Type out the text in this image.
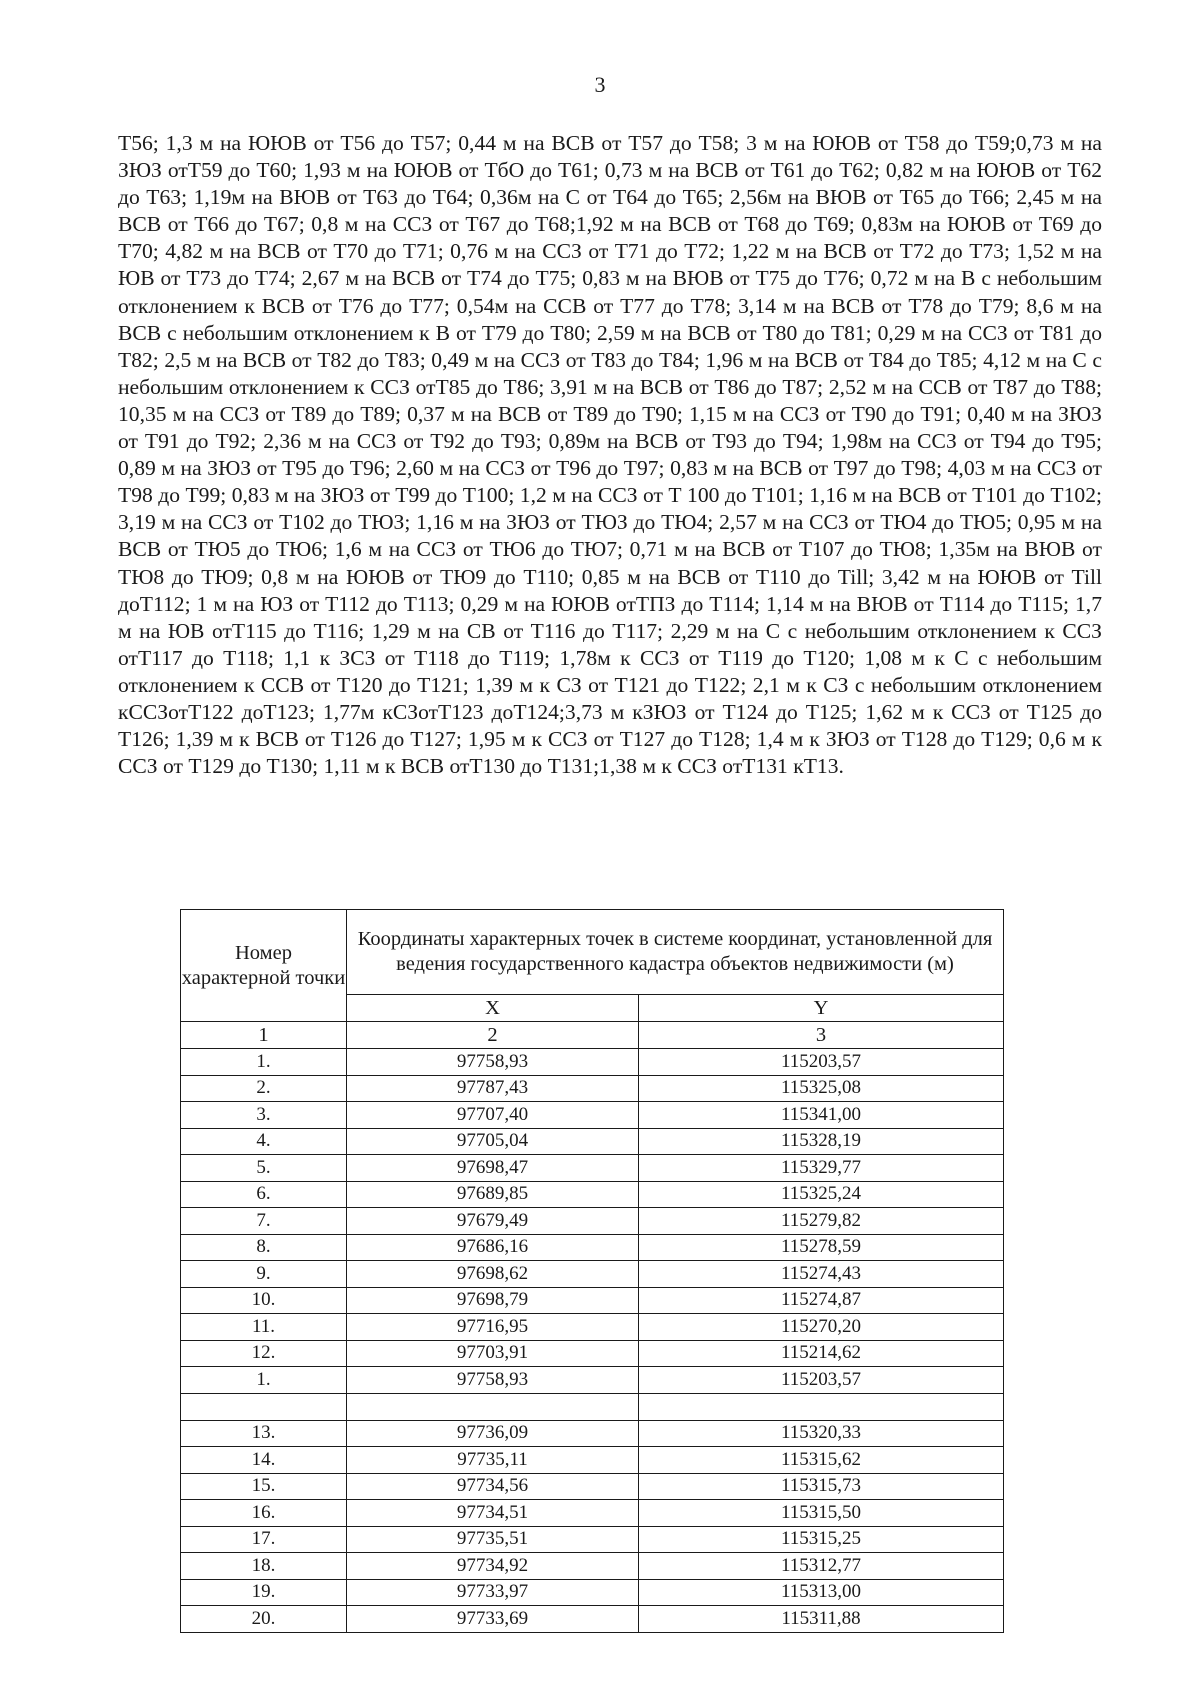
3

Т56; 1,3 м на ЮЮВ от Т56 до Т57; 0,44 м на ВСВ от Т57 до Т58; 3 м на ЮЮВ от Т58 до Т59;0,73 м на ЗЮЗ отТ59 до Т60; 1,93 м на ЮЮВ от ТбО до Т61; 0,73 м на ВСВ от Т61 до Т62; 0,82 м на ЮЮВ от Т62 до Т63; 1,19м на ВЮВ от Т63 до Т64; 0,36м на С от Т64 до Т65; 2,56м на ВЮВ от Т65 до Т66; 2,45 м на ВСВ от Т66 до Т67; 0,8 м на ССЗ от Т67 до Т68;1,92 м на ВСВ от Т68 до Т69; 0,83м на ЮЮВ от Т69 до Т70; 4,82 м на ВСВ от Т70 до Т71; 0,76 м на ССЗ от Т71 до Т72; 1,22 м на ВСВ от Т72 до Т73; 1,52 м на ЮВ от Т73 до Т74; 2,67 м на ВСВ от Т74 до Т75; 0,83 м на ВЮВ от Т75 до Т76; 0,72 м на В с небольшим отклонением к ВСВ от Т76 до Т77; 0,54м на ССВ от Т77 до Т78; 3,14 м на ВСВ от Т78 до Т79; 8,6 м на ВСВ с небольшим отклонением к В от Т79 до Т80; 2,59 м на ВСВ от Т80 до Т81; 0,29 м на ССЗ от Т81 до Т82; 2,5 м на ВСВ от Т82 до Т83; 0,49 м на ССЗ от Т83 до Т84; 1,96 м на ВСВ от Т84 до Т85; 4,12 м на С с небольшим отклонением к ССЗ отТ85 до Т86; 3,91 м на ВСВ от Т86 до Т87; 2,52 м на ССВ от Т87 до Т88; 10,35 м на ССЗ от Т89 до Т89; 0,37 м на ВСВ от Т89 до Т90; 1,15 м на ССЗ от Т90 до Т91; 0,40 м на ЗЮЗ от Т91 до Т92; 2,36 м на ССЗ от Т92 до Т93; 0,89м на ВСВ от Т93 до Т94; 1,98м на ССЗ от Т94 до Т95; 0,89 м на ЗЮЗ от Т95 до Т96; 2,60 м на ССЗ от Т96 до Т97; 0,83 м на ВСВ от Т97 до Т98; 4,03 м на ССЗ от Т98 до Т99; 0,83 м на ЗЮЗ от Т99 до Т100; 1,2 м на ССЗ от Т 100 до Т101; 1,16 м на ВСВ от Т101 до Т102; 3,19 м на ССЗ от Т102 до ТЮЗ; 1,16 м на ЗЮЗ от ТЮЗ до ТЮ4; 2,57 м на ССЗ от ТЮ4 до ТЮ5; 0,95 м на ВСВ от ТЮ5 до ТЮ6; 1,6 м на ССЗ от ТЮ6 до ТЮ7; 0,71 м на ВСВ от Т107 до ТЮ8; 1,35м на ВЮВ от ТЮ8 до ТЮ9; 0,8 м на ЮЮВ от ТЮ9 до Т110; 0,85 м на ВСВ от Т110 до Till; 3,42 м на ЮЮВ от Till доТ112; 1 м на ЮЗ от Т112 до Т113; 0,29 м на ЮЮВ отТПЗ до Т114; 1,14 м на ВЮВ от Т114 до Т115; 1,7 м на ЮВ отТ115 до Т116; 1,29 м на СВ от Т116 до Т117; 2,29 м на С с небольшим отклонением к ССЗ отТ117 до Т118; 1,1 к ЗСЗ от Т118 до Т119; 1,78м к ССЗ от Т119 до Т120; 1,08 м к С с небольшим отклонением к ССВ от Т120 до Т121; 1,39 м к СЗ от Т121 до Т122; 2,1 м к СЗ с небольшим отклонением кССЗотТ122 доТ123; 1,77м кСЗотТ123 доТ124;3,73 м кЗЮЗ от Т124 до Т125; 1,62 м к ССЗ от Т125 до Т126; 1,39 м к ВСВ от Т126 до Т127; 1,95 м к ССЗ от Т127 до Т128; 1,4 м к ЗЮЗ от Т128 до Т129; 0,6 м к ССЗ от Т129 до Т130; 1,11 м к ВСВ отТ130 до Т131;1,38 м к ССЗ отТ131 кТ13.

Номер характерной точки	Координаты характерных точек в системе координат, установленной для ведения государственного кадастра объектов недвижимости (м)	
	X	Y
1	2	3
1.	97758,93	115203,57
2.	97787,43	115325,08
3.	97707,40	115341,00
4.	97705,04	115328,19
5.	97698,47	115329,77
6.	97689,85	115325,24
7.	97679,49	115279,82
8.	97686,16	115278,59
9.	97698,62	115274,43
10.	97698,79	115274,87
11.	97716,95	115270,20
12.	97703,91	115214,62
1.	97758,93	115203,57

13.	97736,09	115320,33
14.	97735,11	115315,62
15.	97734,56	115315,73
16.	97734,51	115315,50
17.	97735,51	115315,25
18.	97734,92	115312,77
19.	97733,97	115313,00
20.	97733,69	115311,88
